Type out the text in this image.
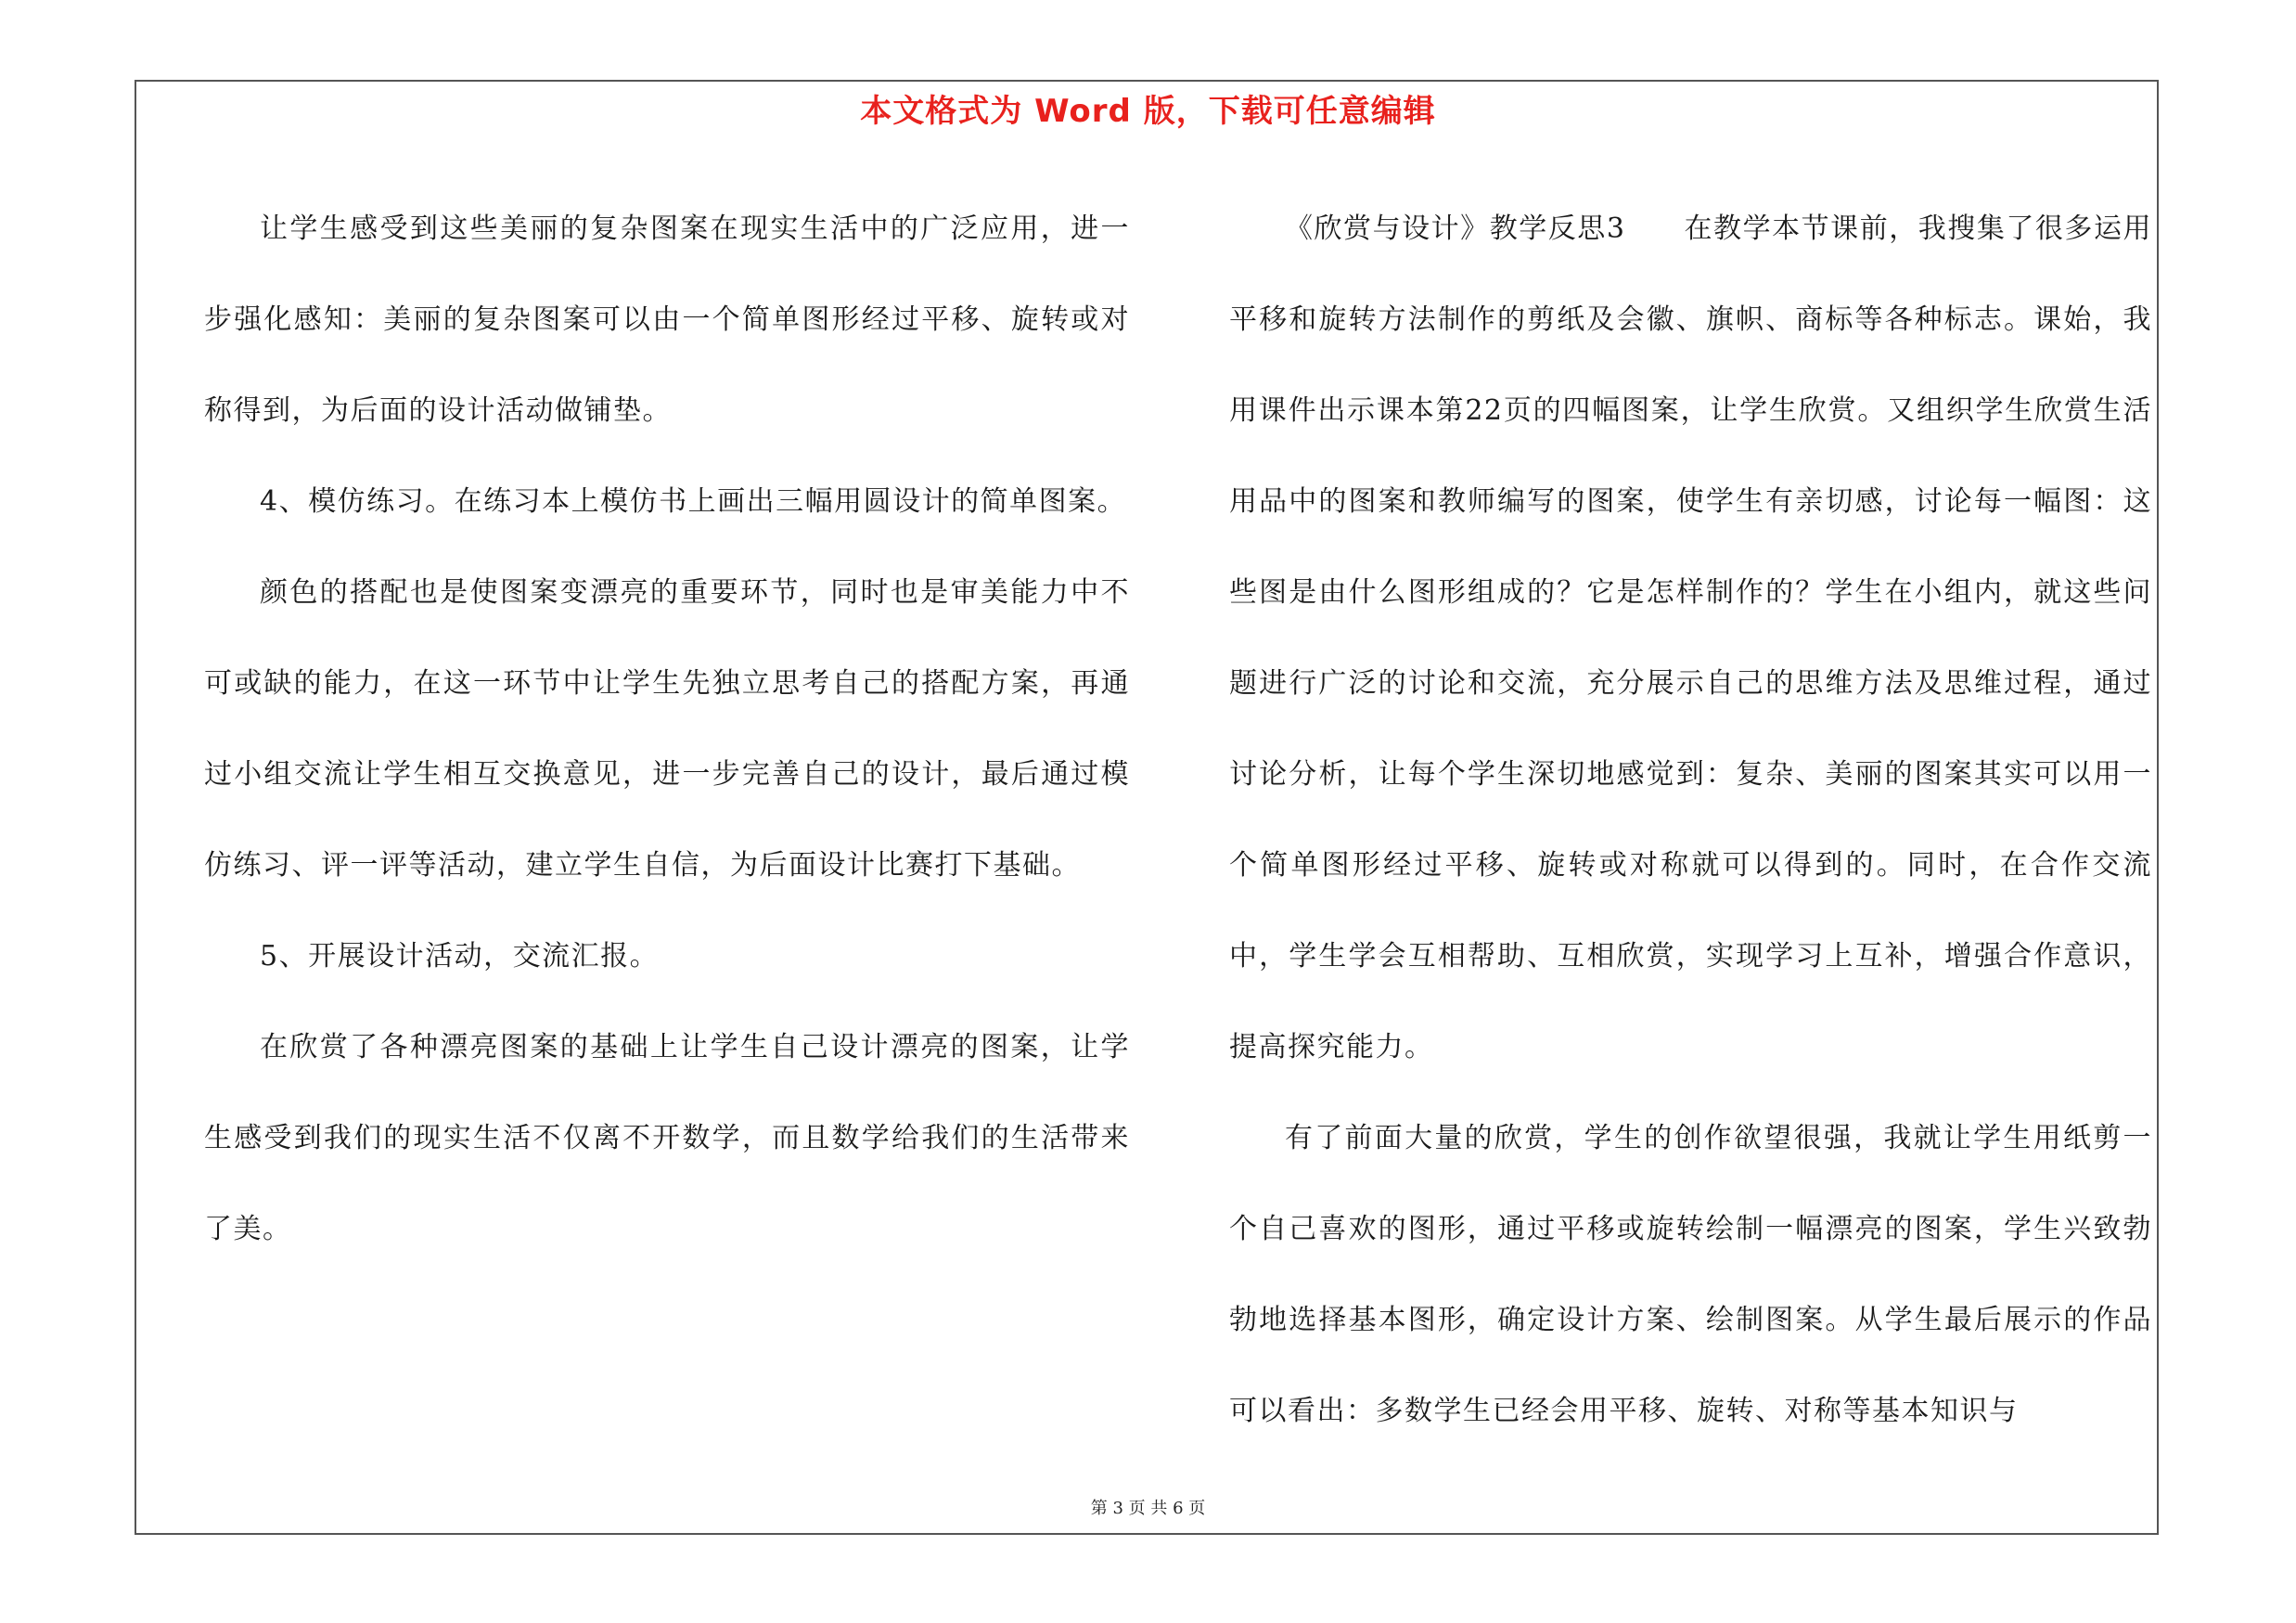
本文格式为 Word 版，下载可任意编辑

让学生感受到这些美丽的复杂图案在现实生活中的广泛应用，进一步强化感知：美丽的复杂图案可以由一个简单图形经过平移、旋转或对称得到，为后面的设计活动做铺垫。

4、模仿练习。在练习本上模仿书上画出三幅用圆设计的简单图案。

颜色的搭配也是使图案变漂亮的重要环节，同时也是审美能力中不可或缺的能力，在这一环节中让学生先独立思考自己的搭配方案，再通过小组交流让学生相互交换意见，进一步完善自己的设计，最后通过模仿练习、评一评等活动，建立学生自信，为后面设计比赛打下基础。

5、开展设计活动，交流汇报。

在欣赏了各种漂亮图案的基础上让学生自己设计漂亮的图案，让学生感受到我们的现实生活不仅离不开数学，而且数学给我们的生活带来了美。

《欣赏与设计》教学反思3　　在教学本节课前，我搜集了很多运用平移和旋转方法制作的剪纸及会徽、旗帜、商标等各种标志。课始，我用课件出示课本第22页的四幅图案，让学生欣赏。又组织学生欣赏生活用品中的图案和教师编写的图案，使学生有亲切感，讨论每一幅图：这些图是由什么图形组成的？它是怎样制作的？学生在小组内，就这些问题进行广泛的讨论和交流，充分展示自己的思维方法及思维过程，通过讨论分析，让每个学生深切地感觉到：复杂、美丽的图案其实可以用一个简单图形经过平移、旋转或对称就可以得到的。同时，在合作交流中，学生学会互相帮助、互相欣赏，实现学习上互补，增强合作意识，提高探究能力。

有了前面大量的欣赏，学生的创作欲望很强，我就让学生用纸剪一个自己喜欢的图形，通过平移或旋转绘制一幅漂亮的图案，学生兴致勃勃地选择基本图形，确定设计方案、绘制图案。从学生最后展示的作品可以看出：多数学生已经会用平移、旋转、对称等基本知识与

第 3 页 共 6 页
